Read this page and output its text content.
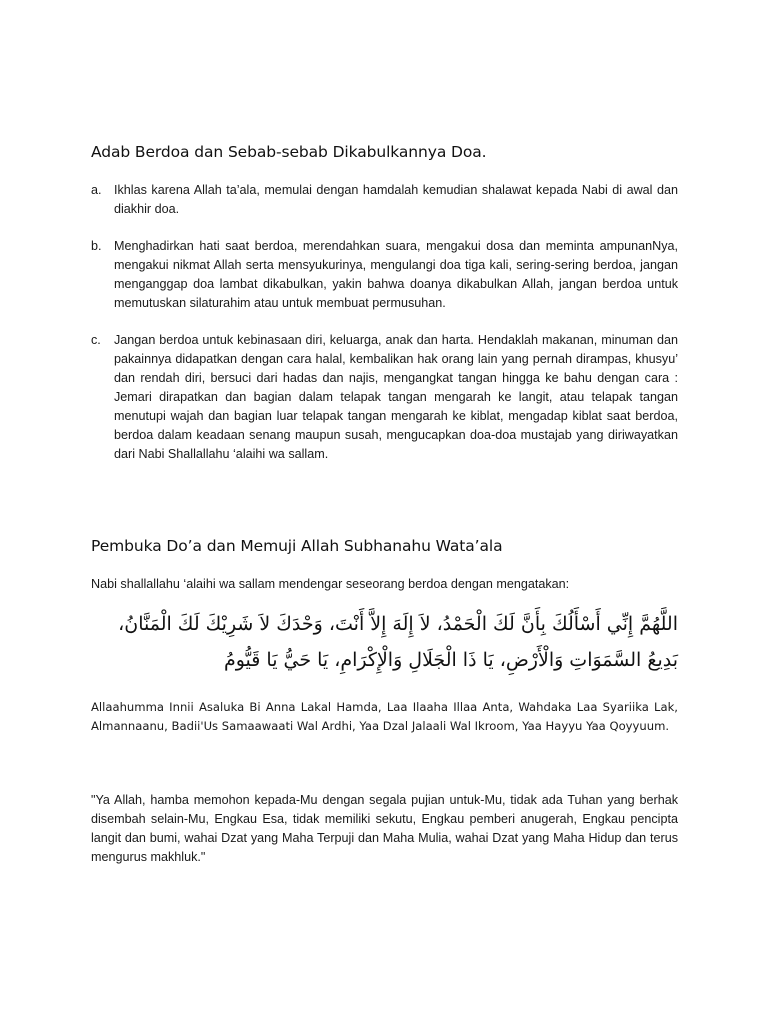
Adab Berdoa dan Sebab-sebab Dikabulkannya Doa.
a. Ikhlas karena Allah ta’ala, memulai dengan hamdalah kemudian shalawat kepada Nabi di awal dan diakhir doa.
b. Menghadirkan hati saat berdoa, merendahkan suara, mengakui dosa dan meminta ampunanNya, mengakui nikmat Allah serta mensyukurinya, mengulangi doa tiga kali, sering-sering berdoa, jangan menganggap doa lambat dikabulkan, yakin bahwa doanya dikabulkan Allah, jangan berdoa untuk memutuskan silaturahim atau untuk membuat permusuhan.
c. Jangan berdoa untuk kebinasaan diri, keluarga, anak dan harta. Hendaklah makanan, minuman dan pakainnya didapatkan dengan cara halal, kembalikan hak orang lain yang pernah dirampas, khusyu’ dan rendah diri, bersuci dari hadas dan najis, mengangkat tangan hingga ke bahu dengan cara : Jemari dirapatkan dan bagian dalam telapak tangan mengarah ke langit, atau telapak tangan menutupi wajah dan bagian luar telapak tangan mengarah ke kiblat, mengadap kiblat saat berdoa, berdoa dalam keadaan senang maupun susah, mengucapkan doa-doa mustajab yang diriwayatkan dari Nabi Shallallahu ‘alaihi wa sallam.
Pembuka Do’a dan Memuji Allah Subhanahu Wata’ala

Nabi shallallahu ‘alaihi wa sallam mendengar seseorang berdoa dengan mengatakan:

اللَّهُمَّ إِنِّي أَسْأَلُكَ بِأَنَّ لَكَ الْحَمْدُ، لاَ إِلَهَ إِلاَّ أَنْتَ، وَحْدَكَ لاَ شَرِيْكَ لَكَ الْمَنَّانُ، بَدِيعُ السَّمَوَاتِ وَالْأَرْضِ، يَا ذَا الْجَلَالِ وَالْإِكْرَامِ، يَا حَيُّ يَا قَيُّومُ

Allaahumma Innii Asaluka Bi Anna Lakal Hamda, Laa Ilaaha Illaa Anta, Wahdaka Laa Syariika Lak, Almannaanu, Badii'Us Samaawaati Wal Ardhi, Yaa Dzal Jalaali Wal Ikroom, Yaa Hayyu Yaa Qoyyuum.

"Ya Allah, hamba memohon kepada-Mu dengan segala pujian untuk-Mu, tidak ada Tuhan yang berhak disembah selain-Mu, Engkau Esa, tidak memiliki sekutu, Engkau pemberi anugerah, Engkau pencipta langit dan bumi, wahai Dzat yang Maha Terpuji dan Maha Mulia, wahai Dzat yang Maha Hidup dan terus mengurus makhluk."
